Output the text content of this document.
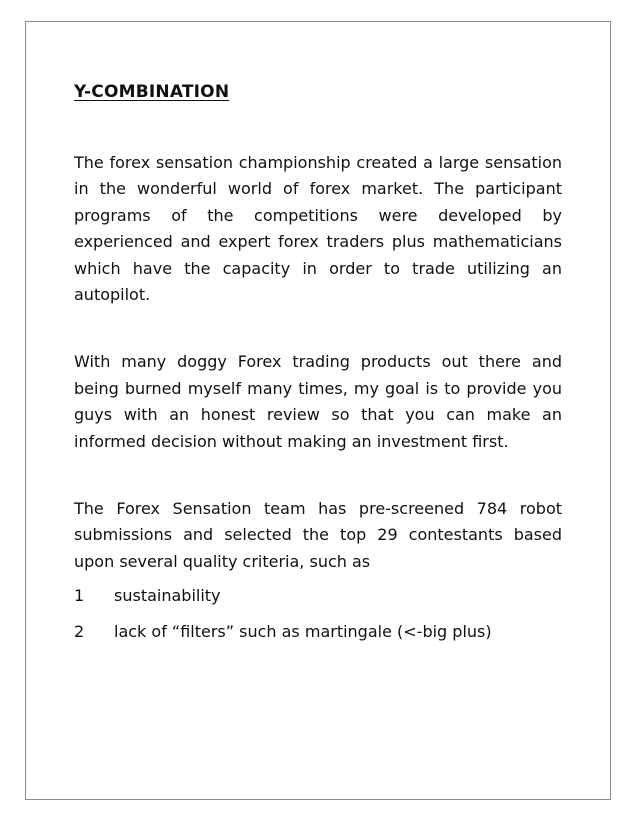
Y-COMBINATION

The forex sensation championship created a large sensation in the wonderful world of forex market. The participant programs of the competitions were developed by experienced and expert forex traders plus mathematicians which have the capacity in order to trade utilizing an autopilot.

With many doggy Forex trading products out there and being burned myself many times, my goal is to provide you guys with an honest review so that you can make an informed decision without making an investment first.

The Forex Sensation team has pre-screened 784 robot submissions and selected the top 29 contestants based upon several quality criteria, such as

1	sustainability
2	lack of “filters” such as martingale (<-big plus)
